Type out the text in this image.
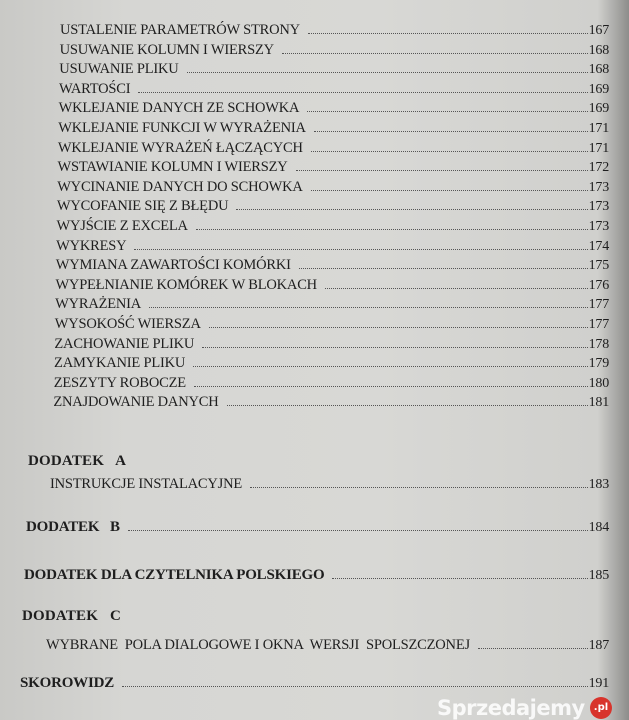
USTALENIE PARAMETRÓW STRONY	167
USUWANIE KOLUMN I WIERSZY	168
USUWANIE PLIKU	168
WARTOŚCI	169
WKLEJANIE DANYCH ZE SCHOWKA	169
WKLEJANIE FUNKCJI W WYRAŻENIA	171
WKLEJANIE WYRAŻEŃ ŁĄCZĄCYCH	171
WSTAWIANIE KOLUMN I WIERSZY	172
WYCINANIE DANYCH DO SCHOWKA	173
WYCOFANIE SIĘ Z BŁĘDU	173
WYJŚCIE Z EXCELA	173
WYKRESY	174
WYMIANA ZAWARTOŚCI KOMÓRKI	175
WYPEŁNIANIE KOMÓREK W BLOKACH	176
WYRAŻENIA	177
WYSOKOŚĆ WIERSZA	177
ZACHOWANIE PLIKU	178
ZAMYKANIE PLIKU	179
ZESZYTY ROBOCZE	180
ZNAJDOWANIE DANYCH	181
DODATEK   A
INSTRUKCJE INSTALACYJNE	183
DODATEK   B	184
DODATEK DLA CZYTELNIKA POLSKIEGO	185
DODATEK   C
WYBRANE  POLA DIALOGOWE I OKNA  WERSJI  SPOLSZCZONEJ	187
SKOROWIDZ	191
Sprzedajemy .pl
